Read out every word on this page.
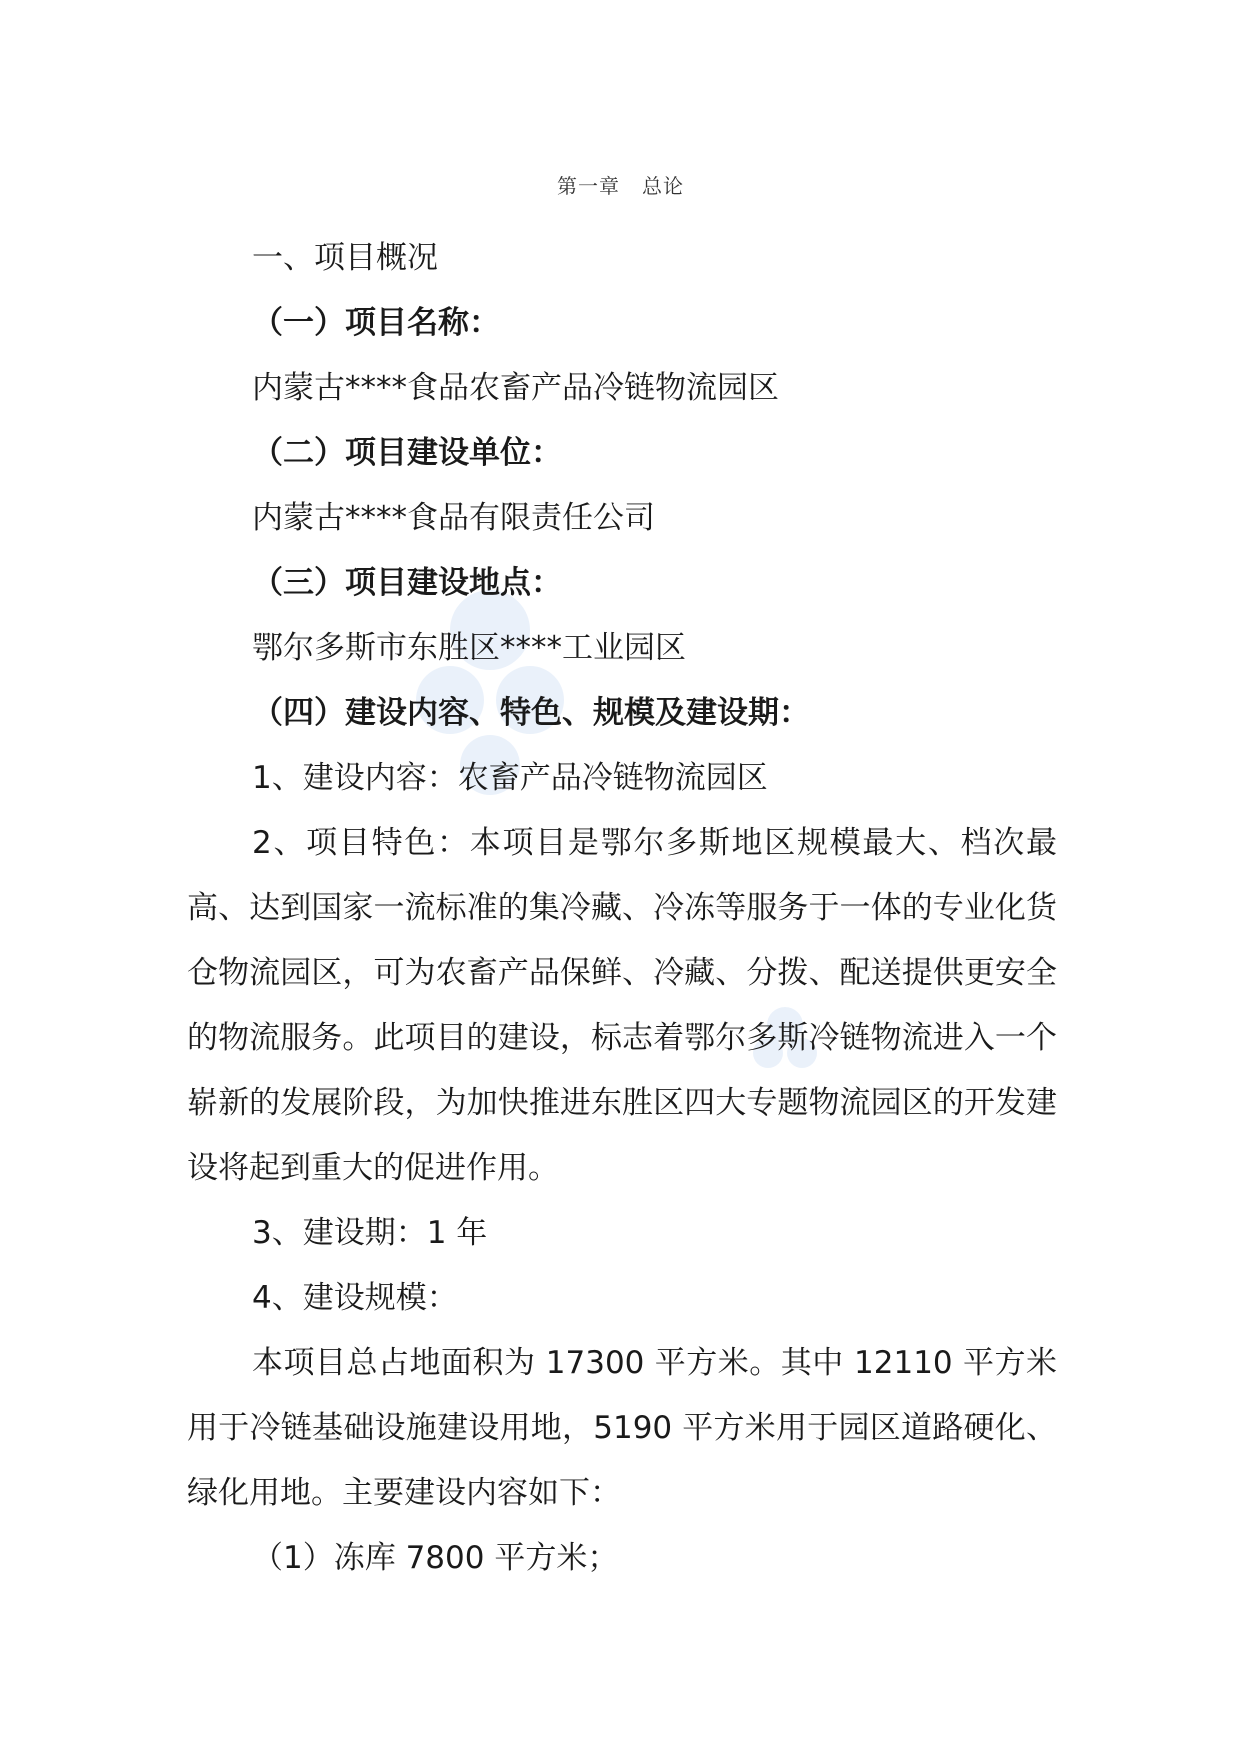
第一章 总论

一、项目概况

（一）项目名称：

内蒙古****食品农畜产品冷链物流园区

（二）项目建设单位：

内蒙古****食品有限责任公司

（三）项目建设地点：

鄂尔多斯市东胜区****工业园区

（四）建设内容、特色、规模及建设期：

1、建设内容：农畜产品冷链物流园区

2、项目特色：本项目是鄂尔多斯地区规模最大、档次最高、达到国家一流标准的集冷藏、冷冻等服务于一体的专业化货仓物流园区，可为农畜产品保鲜、冷藏、分拨、配送提供更安全的物流服务。此项目的建设，标志着鄂尔多斯冷链物流进入一个崭新的发展阶段，为加快推进东胜区四大专题物流园区的开发建设将起到重大的促进作用。

3、建设期：1 年

4、建设规模：

本项目总占地面积为 17300 平方米。其中 12110 平方米用于冷链基础设施建设用地，5190 平方米用于园区道路硬化、绿化用地。主要建设内容如下：

（1）冻库 7800 平方米；
